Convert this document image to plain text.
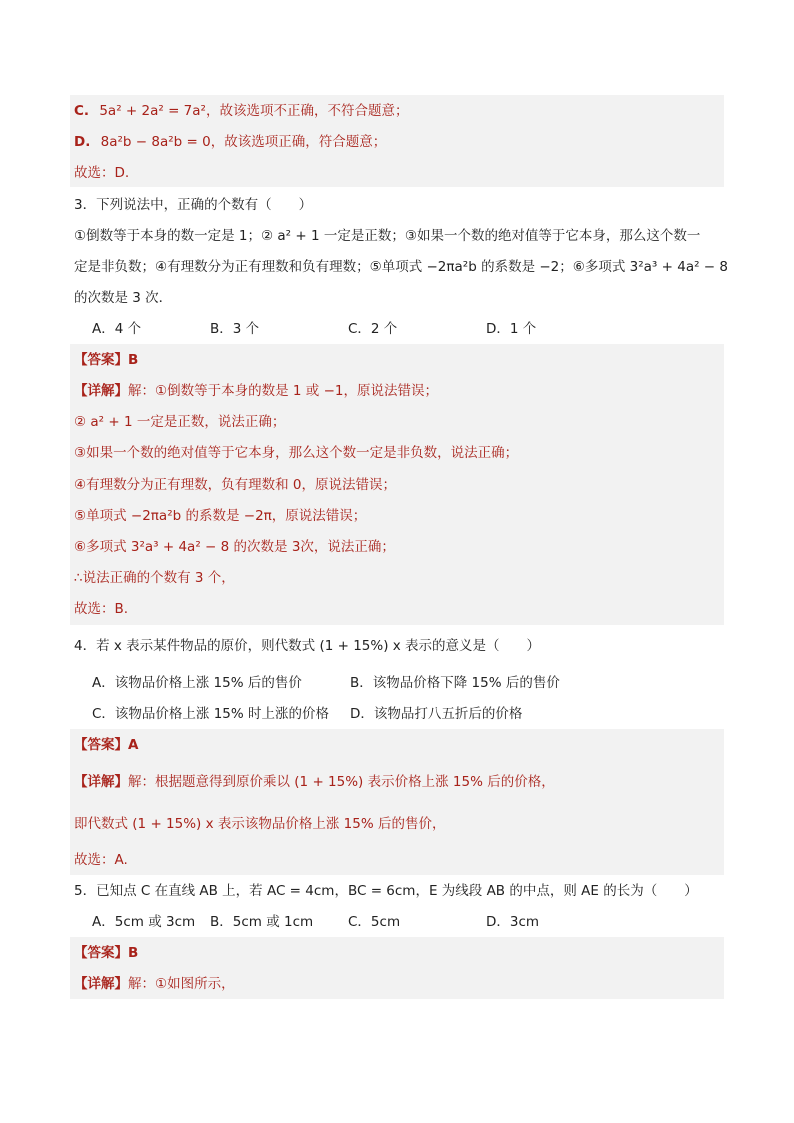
C. 5a² + 2a² = 7a²，故该选项不正确，不符合题意；
D. 8a²b − 8a²b = 0，故该选项正确，符合题意；
故选：D.
3．下列说法中，正确的个数有（　　）
①倒数等于本身的数一定是 1；② a² + 1 一定是正数；③如果一个数的绝对值等于它本身，那么这个数一
定是非负数；④有理数分为正有理数和负有理数；⑤单项式 −2πa²b 的系数是 −2；⑥多项式 3²a³ + 4a² − 8
的次数是 3 次．
A．4 个	B．3 个	C．2 个	D．1 个
【答案】B
【详解】解：①倒数等于本身的数是 1 或 −1，原说法错误；
② a² + 1 一定是正数，说法正确；
③如果一个数的绝对值等于它本身，那么这个数一定是非负数，说法正确；
④有理数分为正有理数，负有理数和 0，原说法错误；
⑤单项式 −2πa²b 的系数是 −2π，原说法错误；
⑥多项式 3²a³ + 4a² − 8 的次数是 3次，说法正确；
∴说法正确的个数有 3 个，
故选：B.
4．若 x 表示某件物品的原价，则代数式 (1 + 15%) x 表示的意义是（　　）
A．该物品价格上涨 15% 后的售价	B．该物品价格下降 15% 后的售价
C．该物品价格上涨 15% 时上涨的价格 D．该物品打八五折后的价格
【答案】A
【详解】解：根据题意得到原价乘以 (1 + 15%) 表示价格上涨 15% 后的价格，
即代数式 (1 + 15%) x 表示该物品价格上涨 15% 后的售价，
故选：A.
5．已知点 C 在直线 AB 上，若 AC = 4cm，BC = 6cm，E 为线段 AB 的中点，则 AE 的长为（　　）
A．5cm 或 3cm B．5cm 或 1cm	C．5cm	D．3cm
【答案】B
【详解】解：①如图所示，
